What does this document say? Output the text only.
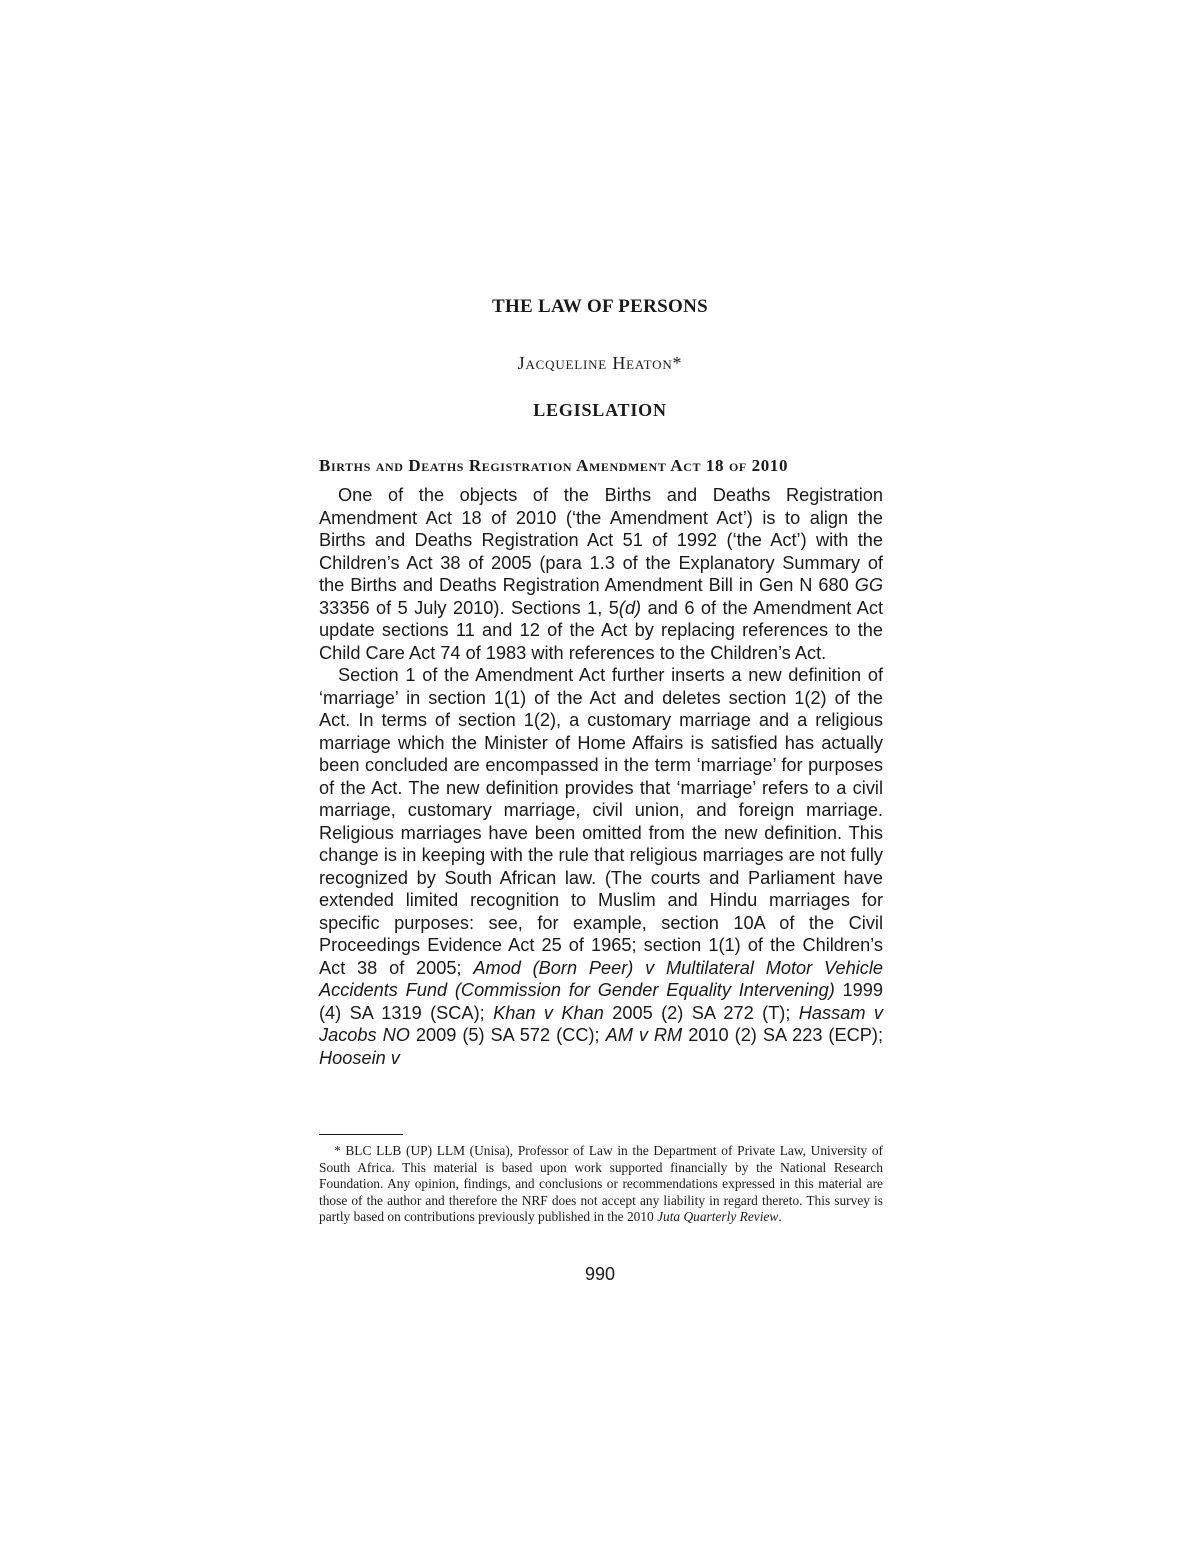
THE LAW OF PERSONS

Jacqueline Heaton*

LEGISLATION
Births and Deaths Registration Amendment Act 18 of 2010

One of the objects of the Births and Deaths Registration Amendment Act 18 of 2010 (‘the Amendment Act’) is to align the Births and Deaths Registration Act 51 of 1992 (‘the Act’) with the Children’s Act 38 of 2005 (para 1.3 of the Explanatory Summary of the Births and Deaths Registration Amendment Bill in Gen N 680 GG 33356 of 5 July 2010). Sections 1, 5(d) and 6 of the Amendment Act update sections 11 and 12 of the Act by replacing references to the Child Care Act 74 of 1983 with references to the Children’s Act.

Section 1 of the Amendment Act further inserts a new definition of ‘marriage’ in section 1(1) of the Act and deletes section 1(2) of the Act. In terms of section 1(2), a customary marriage and a religious marriage which the Minister of Home Affairs is satisfied has actually been concluded are encompassed in the term ‘marriage’ for purposes of the Act. The new definition provides that ‘marriage’ refers to a civil marriage, customary marriage, civil union, and foreign marriage. Religious marriages have been omitted from the new definition. This change is in keeping with the rule that religious marriages are not fully recognized by South African law. (The courts and Parliament have extended limited recognition to Muslim and Hindu marriages for specific purposes: see, for example, section 10A of the Civil Proceedings Evidence Act 25 of 1965; section 1(1) of the Children’s Act 38 of 2005; Amod (Born Peer) v Multilateral Motor Vehicle Accidents Fund (Commission for Gender Equality Intervening) 1999 (4) SA 1319 (SCA); Khan v Khan 2005 (2) SA 272 (T); Hassam v Jacobs NO 2009 (5) SA 572 (CC); AM v RM 2010 (2) SA 223 (ECP); Hoosein v

* BLC LLB (UP) LLM (Unisa), Professor of Law in the Department of Private Law, University of South Africa. This material is based upon work supported financially by the National Research Foundation. Any opinion, findings, and conclusions or recommendations expressed in this material are those of the author and therefore the NRF does not accept any liability in regard thereto. This survey is partly based on contributions previously published in the 2010 Juta Quarterly Review.

990
